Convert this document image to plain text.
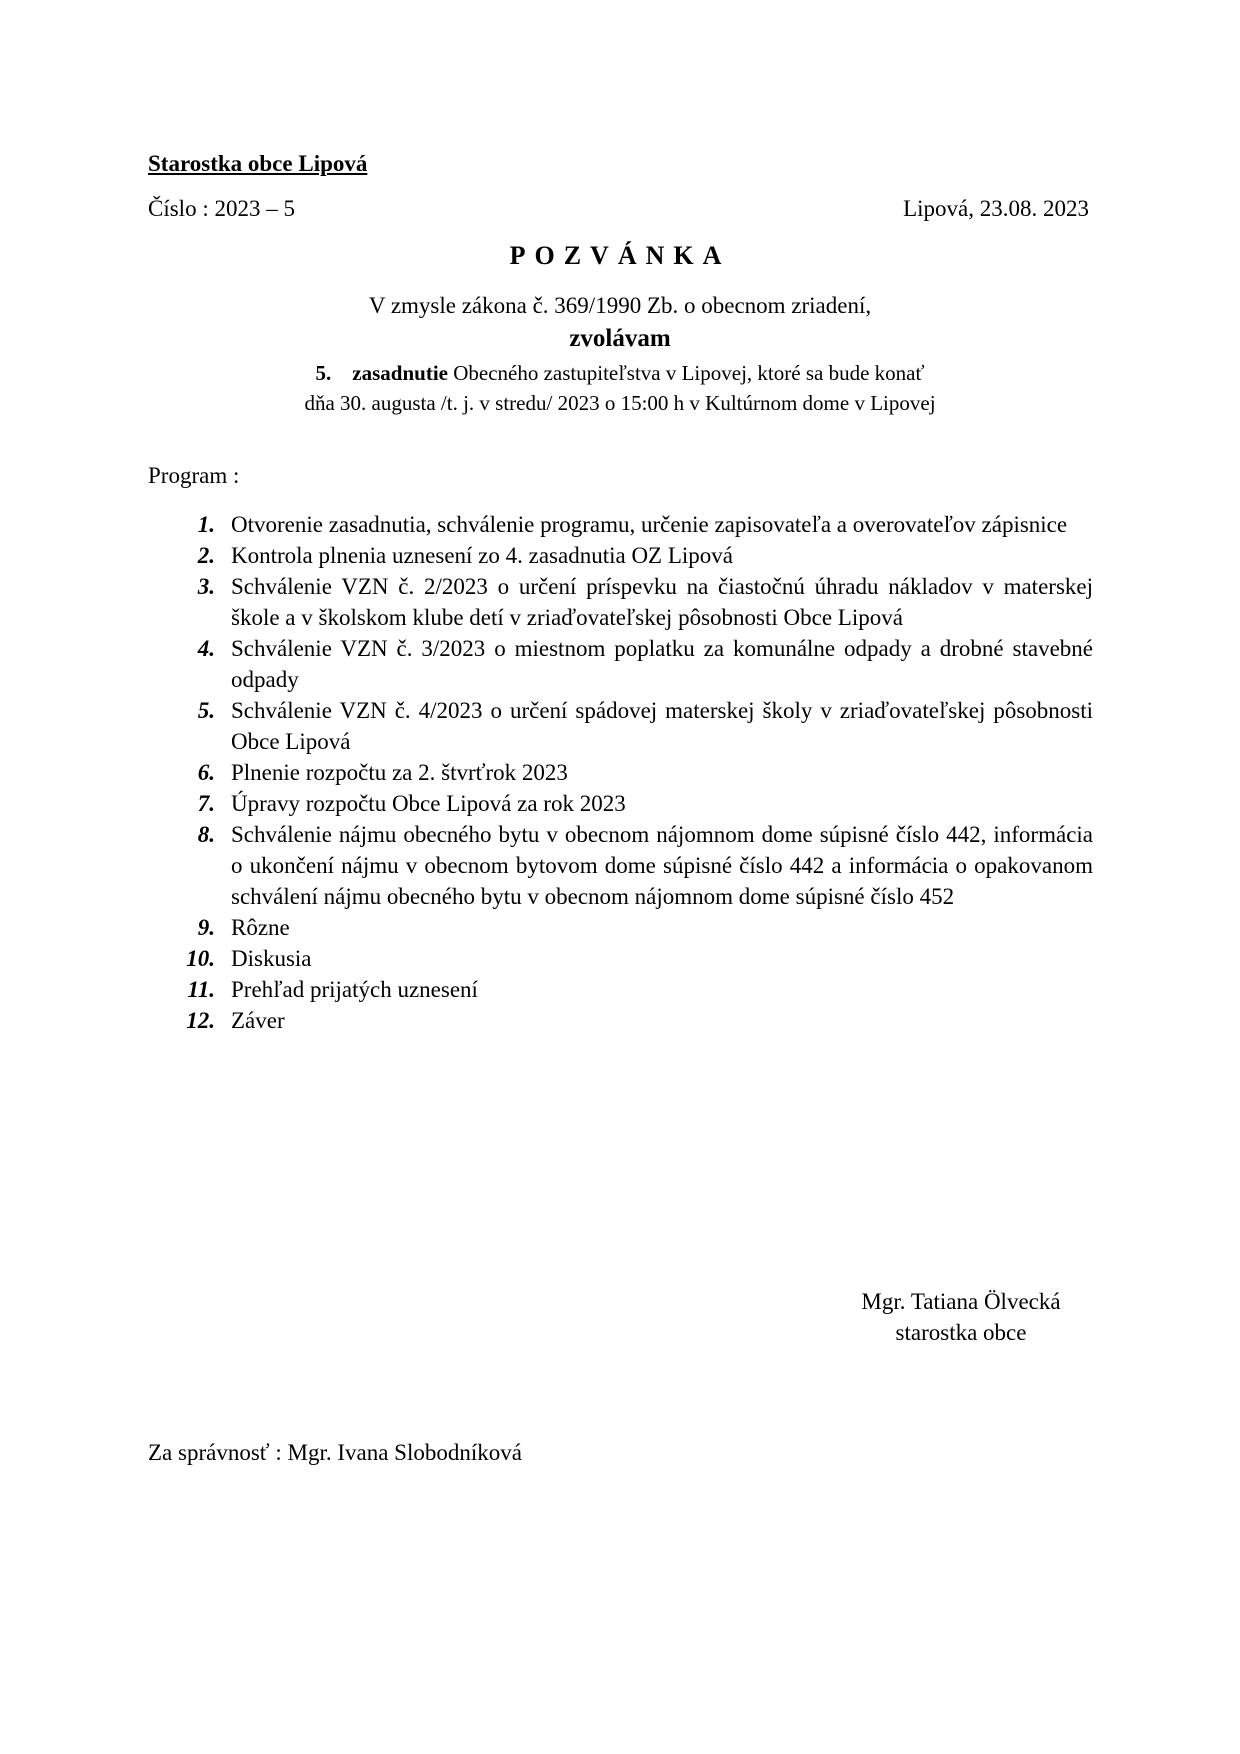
Starostka obce Lipová
Číslo : 2023 – 5	Lipová, 23.08. 2023
POZVÁNKA
V zmysle zákona č. 369/1990 Zb. o obecnom zriadení,
zvolávam
5. zasadnutie Obecného zastupiteľstva v Lipovej, ktoré sa bude konať
dňa 30. augusta /t. j. v stredu/ 2023 o 15:00 h v Kultúrnom dome v Lipovej
Program :
1. Otvorenie zasadnutia, schválenie programu, určenie zapisovateľa a overovateľov zápisnice
2. Kontrola plnenia uznesení zo 4. zasadnutia OZ Lipová
3. Schválenie VZN č. 2/2023 o určení príspevku na čiastočnú úhradu nákladov v materskej škole a v školskom klube detí v zriaďovateľskej pôsobnosti Obce Lipová
4. Schválenie VZN č. 3/2023 o miestnom poplatku za komunálne odpady a drobné stavebné odpady
5. Schválenie VZN č. 4/2023 o určení spádovej materskej školy v zriaďovateľskej pôsobnosti Obce Lipová
6. Plnenie rozpočtu za 2. štvrťrok 2023
7. Úpravy rozpočtu Obce Lipová za rok 2023
8. Schválenie nájmu obecného bytu v obecnom nájomnom dome súpisné číslo 442, informácia o ukončení nájmu v obecnom bytovom dome súpisné číslo 442 a informácia o opakovanom schválení nájmu obecného bytu v obecnom nájomnom dome súpisné číslo 452
9. Rôzne
10. Diskusia
11. Prehľad prijatých uznesení
12. Záver
Mgr. Tatiana Ölvecká
starostka obce
Za správnosť : Mgr. Ivana Slobodníková
